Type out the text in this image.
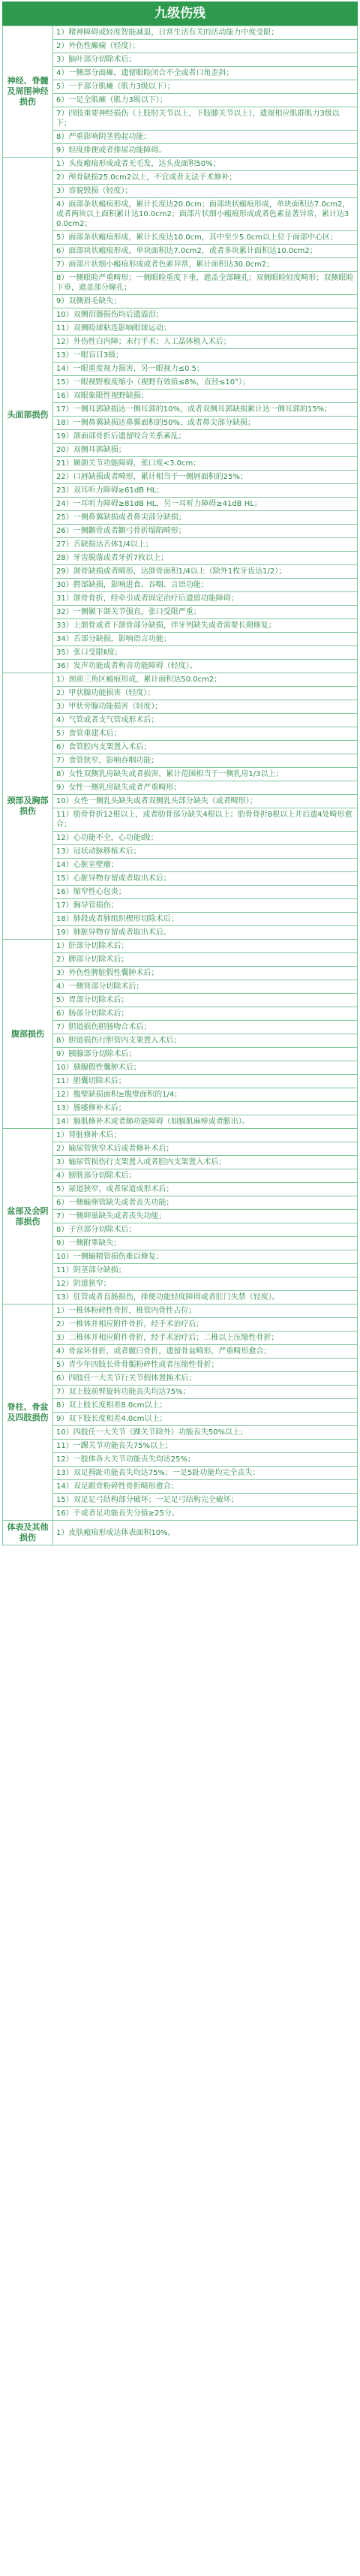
九级伤残
神经、脊髓及周围神经损伤	1）精神障碍或轻度智能减退，日常生活有关的活动能力中度受限；
	2）外伤性癫痫（轻度）；
	3）脑叶部分切除术后；
	4）一侧部分面瘫，遗留眼睑闭合不全或者口角歪斜；
	5）一手部分肌瘫（肌力3级以下）；
	6）一足全肌瘫（肌力3级以下）；
	7）四肢重要神经损伤（上肢肘关节以上，下肢膝关节以上），遗留相应肌群肌力3级以下；
	8）严重影响阴茎勃起功能；
	9）轻度排便或者排尿功能障碍。
头面部损伤	1）头皮瘢痕形成或者无毛发，达头皮面积50%；
	2）颅骨缺损25.0cm2以上，不宜或者无法手术修补；
	3）容貌毁损（轻度）；
	4）面部条状瘢痕形成，累计长度达20.0cm；面部块状瘢痕形成，单块面积达7.0cm2，或者两块以上面积累计达10.0cm2；面部片状细小瘢痕形成或者色素显著异常，累计达30.0cm2；
	5）面部条状瘢痕形成，累计长度达10.0cm，其中至少5.0cm以上位于面部中心区；
	6）面部块状瘢痕形成，单块面积达7.0cm2，或者多块累计面积达10.0cm2；
	7）面部片状细小瘢痕形成或者色素异常，累计面积达30.0cm2；
	8）一侧眼睑严重畸形；一侧眼睑重度下垂，遮盖全部瞳孔；双侧眼睑轻度畸形；双侧眼睑下垂，遮盖部分瞳孔；
	9）双侧眉毛缺失；
	10）双侧泪器损伤均后遗溢泪；
	11）双侧睑球粘连影响眼球运动；
	12）外伤性白内障；未行手术；人工晶体植入术后；
	13）一眼盲目3级；
	14）一眼重度视力损害，另一眼视力≤0.5；
	15）一眼视野极度缩小（视野有效值≤8%，直径≤10°）；
	16）双眼象限性视野缺损；
	17）一侧耳郭缺损达一侧耳郭的10%，或者双侧耳郭缺损累计达一侧耳郭的15%；
	18）一侧鼻翼缺损达鼻翼面积的50%，或者鼻尖部分缺损；
	19）颌面部骨折后遗留咬合关系紊乱；
	20）双侧耳郭缺损；
	21）颞颌关节功能障碍，张口度<3.0cm；
	22）口唇缺损或者畸形，累计相当于一侧唇面积的25%；
	23）双耳听力障碍≥61dB HL；
	24）一耳听力障碍≥81dB HL，另一耳听力障碍≥41dB HL；
	25）一侧鼻翼缺损或者鼻尖部分缺损；
	26）一侧颧骨或者颧弓骨折塌陷畸形；
	27）舌缺损达舌体1/4以上；
	28）牙齿脱落或者牙折7枚以上；
	29）颌骨缺损或者畸形，达颌骨面积1/4以上（除外1枚牙齿达1/2）；
	30）腭部缺损，影响进食、吞咽、言语功能；
	31）颌骨骨折，经牵引或者固定治疗后遗留功能障碍；
	32）一侧颞下颌关节强直，张口受限严重；
	33）上颌骨或者下颌骨部分缺损，伴牙列缺失或者需要长期修复；
	34）舌部分缺损，影响语言功能；
	35）张口受限Ⅱ度；
	36）发声功能或者构音功能障碍（轻度）。
颈部及胸部损伤	1）颈前三角区瘢痕形成，累计面积达50.0cm2；
	2）甲状腺功能损害（轻度）；
	3）甲状旁腺功能损害（轻度）；
	4）气管或者支气管成形术后；
	5）食管重建术后；
	6）食管腔内支架置入术后；
	7）食管狭窄，影响吞咽功能；
	8）女性双侧乳房缺失或者损害，累计范围相当于一侧乳房1/3以上；
	9）女性一侧乳房缺失或者严重畸形；
	10）女性一侧乳头缺失或者双侧乳头部分缺失（或者畸形）；
	11）肋骨骨折12根以上，或者肋骨部分缺失4根以上；肋骨骨折8根以上并后遗4处畸形愈合；
	12）心功能不全，心功能Ⅰ级；
	13）冠状动脉移植术后；
	14）心脏室壁瘤；
	15）心脏异物存留或者取出术后；
	16）缩窄性心包炎；
	17）胸导管损伤；
	18）肺段或者肺组织楔形切除术后；
	19）肺脏异物存留或者取出术后。
腹部损伤	1）肝部分切除术后；
	2）脾部分切除术后；
	3）外伤性脾脏假性囊肿术后；
	4）一侧肾部分切除术后；
	5）胃部分切除术后；
	6）肠部分切除术后；
	7）胆道损伤胆肠吻合术后；
	8）胆道损伤行胆管内支架置入术后；
	9）胰腺部分切除术后；
	10）胰腺假性囊肿术后；
	11）胆囊切除术后；
	12）腹壁缺损面积≥腹壁面积的1/4；
	13）肠瘘修补术后；
	14）膈肌修补术或者肺功能障碍（如膈肌麻痹或者膨出）。
盆部及会阴部损伤	1）肾脏修补术后；
	2）输尿管狭窄术后或者修补术后；
	3）输尿管损伤行支架置入或者腔内支架置入术后；
	4）膀胱部分切除术后；
	5）尿道狭窄，或者尿道成形术后；
	6）一侧输卵管缺失或者丧失功能；
	7）一侧卵巢缺失或者丧失功能；
	8）子宫部分切除术后；
	9）一侧附睾缺失；
	10）一侧输精管损伤难以修复；
	11）阴茎部分缺损；
	12）阴道狭窄；
	13）肛管或者直肠损伤，排便功能轻度障碍或者肛门失禁（轻度）。
脊柱、骨盆及四肢损伤	1）一椎体粉碎性骨折，椎管内骨性占位；
	2）一椎体并相应附件骨折，经手术治疗后；
	3）二椎体并相应附件骨折，经手术治疗后；二椎以上压缩性骨折；
	4）骨盆环骨折，或者髋臼骨折，遗留骨盆畸形，严重畸形愈合；
	5）青少年四肢长骨骨骺粉碎性或者压缩性骨折；
	6）四肢任一大关节行关节假体置换术后；
	7）双上肢前臂旋转功能丧失均达75%；
	8）双上肢长度相差8.0cm以上；
	9）双下肢长度相差4.0cm以上；
	10）四肢任一大关节（踝关节除外）功能丧失50%以上；
	11）一踝关节功能丧失75%以上；
	12）一肢体各大关节功能丧失均达25%；
	13）双足拇趾功能丧失均达75%；一足5趾功能均完全丧失；
	14）双足跟骨粉碎性骨折畸形愈合；
	15）双足足弓结构部分破坏；一足足弓结构完全破坏；
	16）手或者足功能丧失分值≥25分。
体表及其他损伤	1）皮肤瘢痕形成达体表面积10%。
